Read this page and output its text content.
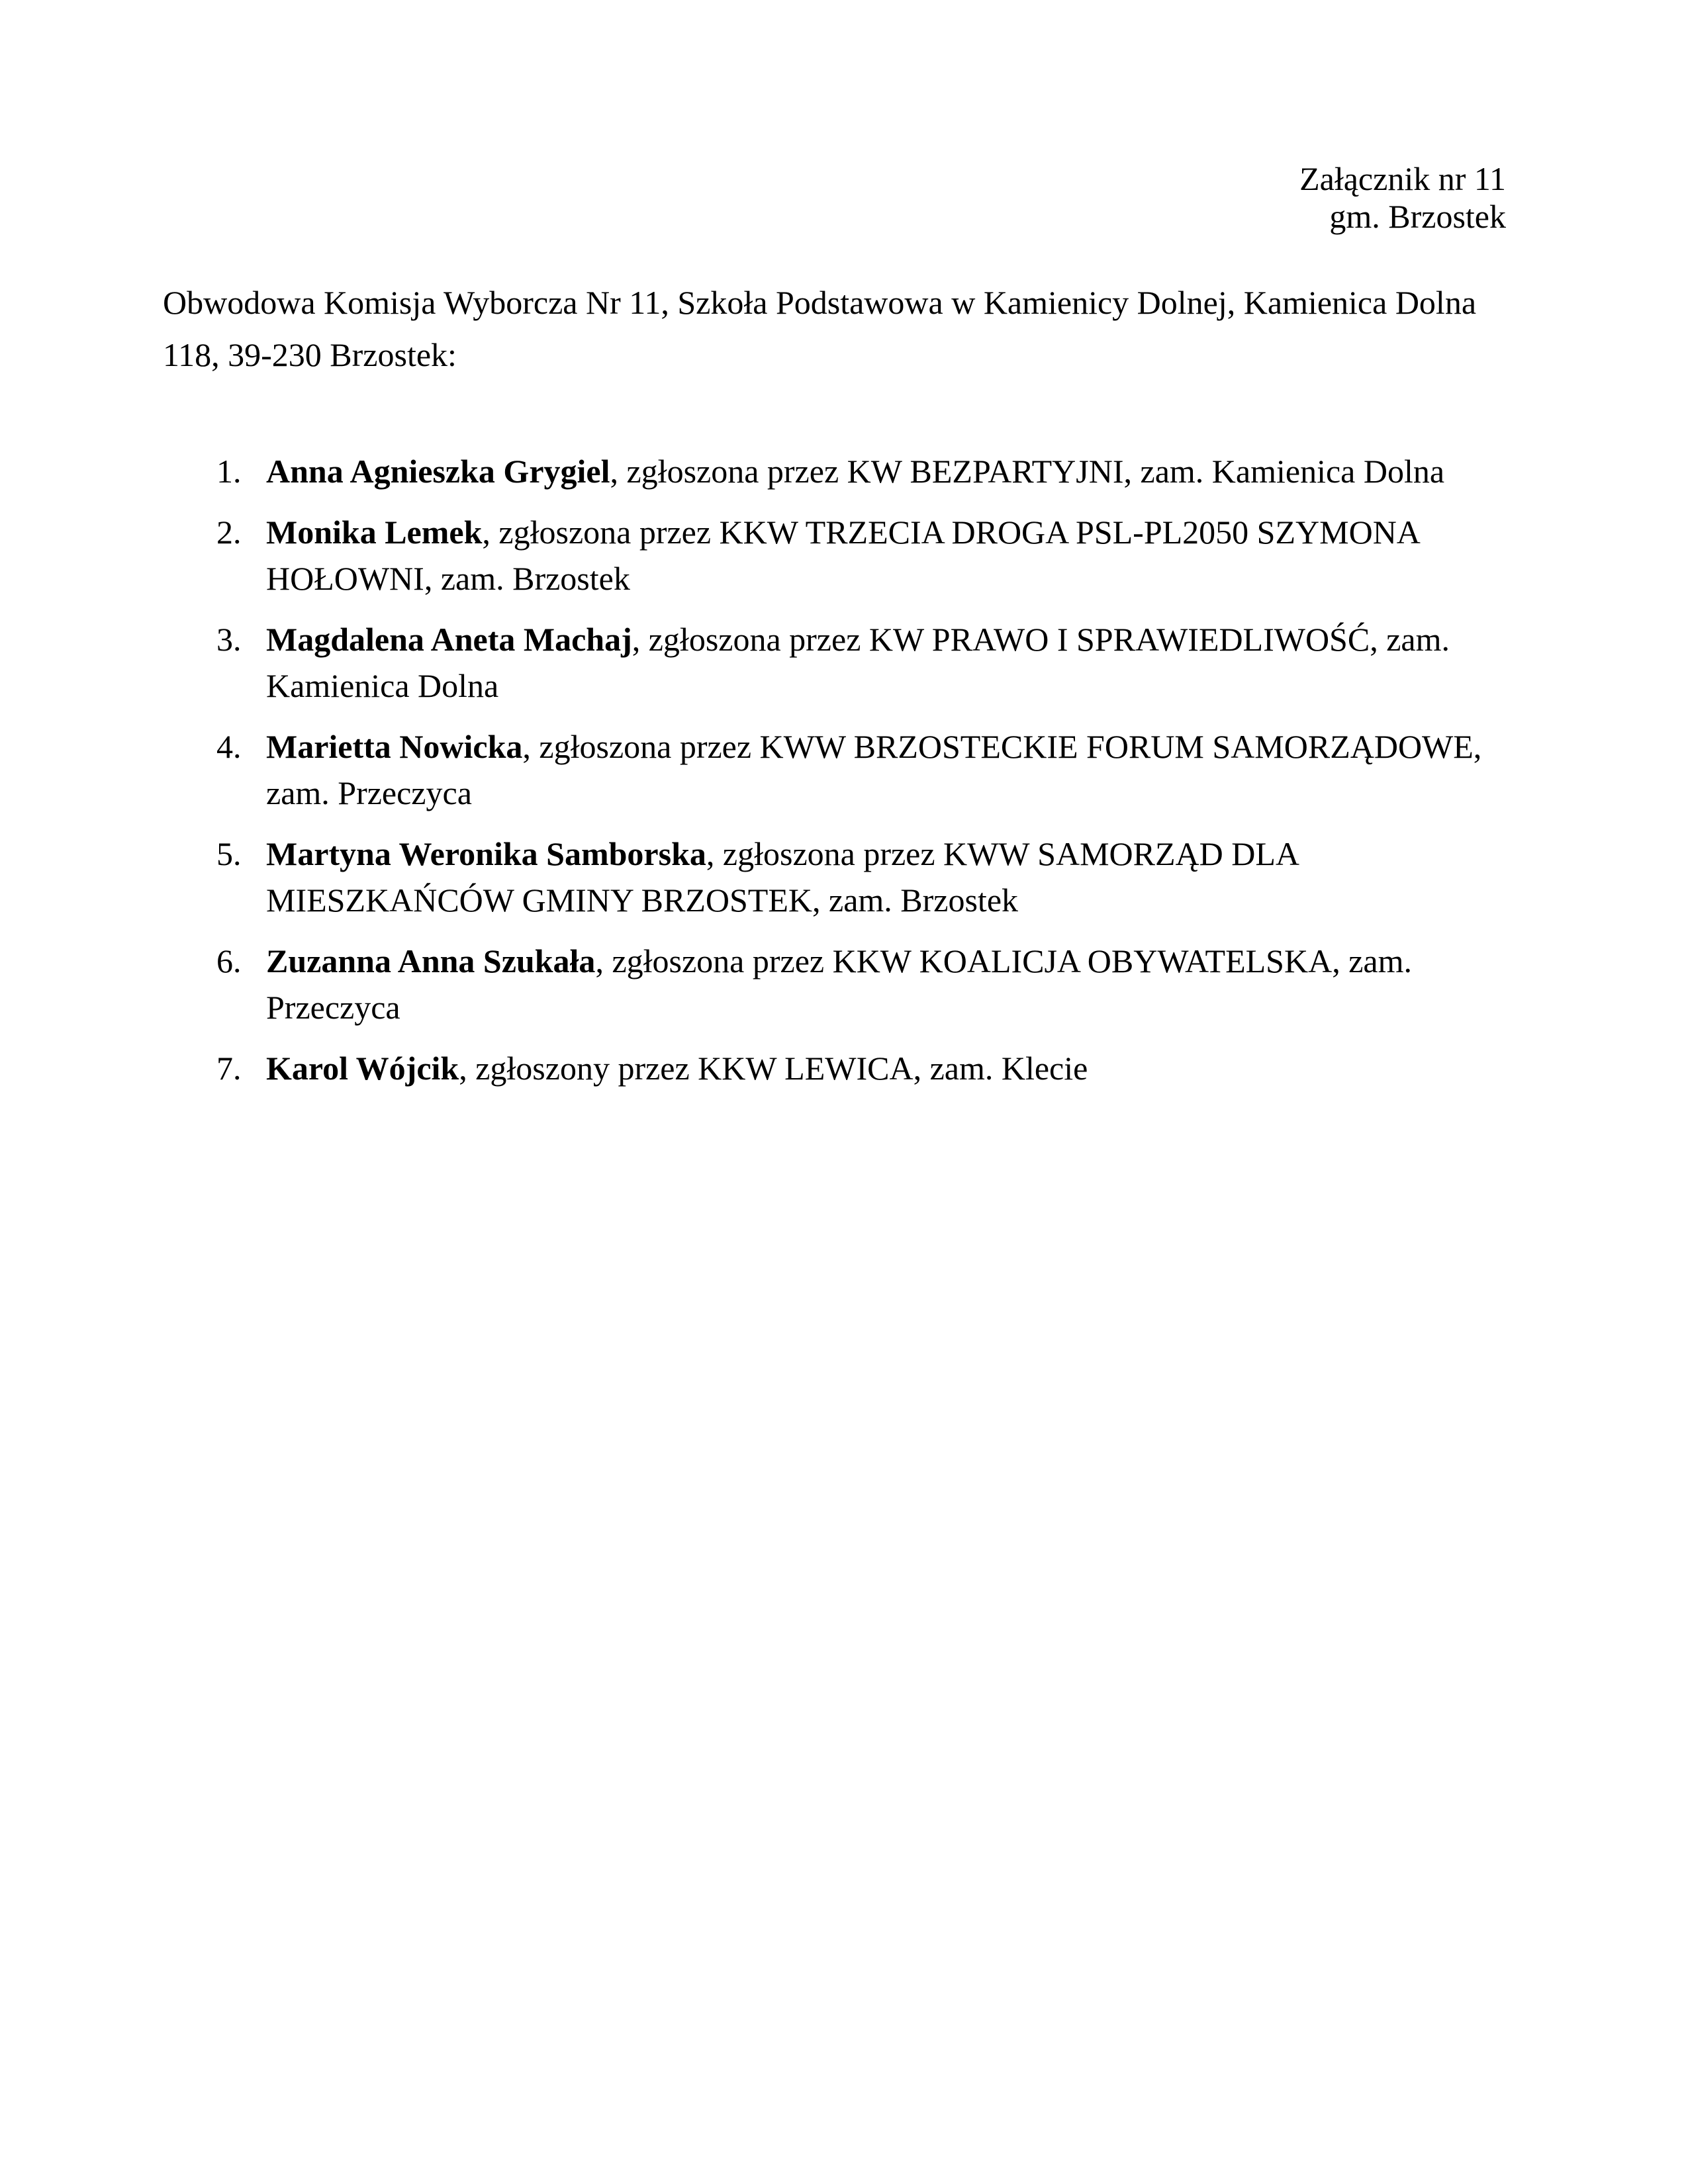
Załącznik nr 11
gm. Brzostek
Obwodowa Komisja Wyborcza Nr 11, Szkoła Podstawowa w Kamienicy Dolnej, Kamienica Dolna 118, 39-230 Brzostek:
1. Anna Agnieszka Grygiel, zgłoszona przez KW BEZPARTYJNI, zam. Kamienica Dolna
2. Monika Lemek, zgłoszona przez KKW TRZECIA DROGA PSL-PL2050 SZYMONA HOŁOWNI, zam. Brzostek
3. Magdalena Aneta Machaj, zgłoszona przez KW PRAWO I SPRAWIEDLIWOŚĆ, zam. Kamienica Dolna
4. Marietta Nowicka, zgłoszona przez KWW BRZOSTECKIE FORUM SAMORZĄDOWE, zam. Przeczyca
5. Martyna Weronika Samborska, zgłoszona przez KWW SAMORZĄD DLA MIESZKAŃCÓW GMINY BRZOSTEK, zam. Brzostek
6. Zuzanna Anna Szukała, zgłoszona przez KKW KOALICJA OBYWATELSKA, zam. Przeczyca
7. Karol Wójcik, zgłoszony przez KKW LEWICA, zam. Klecie
